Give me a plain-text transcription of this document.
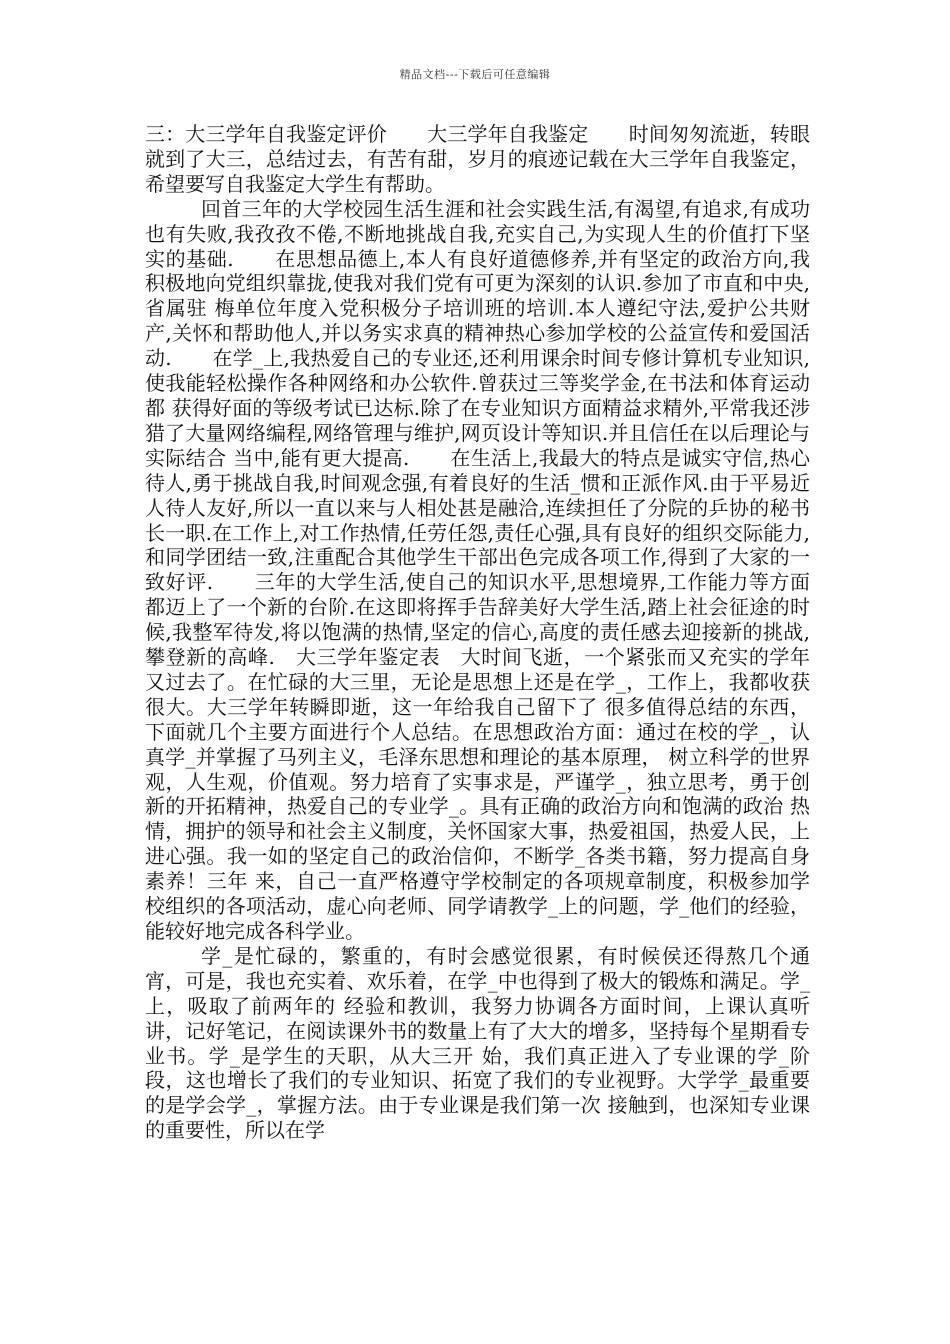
精品文档---下载后可任意编辑

三：大三学年自我鉴定评价　　大三学年自我鉴定　　时间匆匆流逝，转眼就到了大三，总结过去，有苦有甜，岁月的痕迹记载在大三学年自我鉴定，希望要写自我鉴定大学生有帮助。

回首三年的大学校园生活生涯和社会实践生活,有渴望,有追求,有成功也有失败,我孜孜不倦,不断地挑战自我,充实自己,为实现人生的价值打下坚实的基础.　　在思想品德上,本人有良好道德修养,并有坚定的政治方向,我积极地向党组织靠拢,使我对我们党有可更为深刻的认识.参加了市直和中央,省属驻 梅单位年度入党积极分子培训班的培训.本人遵纪守法,爱护公共财产,关怀和帮助他人,并以务实求真的精神热心参加学校的公益宣传和爱国活动.　　在学_上,我热爱自己的专业还,还利用课余时间专修计算机专业知识,使我能轻松操作各种网络和办公软件.曾获过三等奖学金,在书法和体育运动都 获得好面的等级考试已达标.除了在专业知识方面精益求精外,平常我还涉猎了大量网络编程,网络管理与维护,网页设计等知识.并且信任在以后理论与实际结合 当中,能有更大提高.　　在生活上,我最大的特点是诚实守信,热心待人,勇于挑战自我,时间观念强,有着良好的生活_惯和正派作风.由于平易近人待人友好,所以一直以来与人相处甚是融洽,连续担任了分院的乒协的秘书长一职.在工作上,对工作热情,任劳任怨,责任心强,具有良好的组织交际能力,和同学团结一致,注重配合其他学生干部出色完成各项工作,得到了大家的一致好评.　　三年的大学生活,使自己的知识水平,思想境界,工作能力等方面都迈上了一个新的台阶.在这即将挥手告辞美好大学生活,踏上社会征途的时候,我整军待发,将以饱满的热情,坚定的信心,高度的责任感去迎接新的挑战,攀登新的高峰.　大三学年鉴定表　大时间飞逝，一个紧张而又充实的学年又过去了。在忙碌的大三里，无论是思想上还是在学_，工作上，我都收获很大。大三学年转瞬即逝，这一年给我自己留下了 很多值得总结的东西，下面就几个主要方面进行个人总结。在思想政治方面：通过在校的学_，认真学_并掌握了马列主义，毛泽东思想和理论的基本原理， 树立科学的世界观，人生观，价值观。努力培育了实事求是，严谨学_，独立思考，勇于创新的开拓精神，热爱自己的专业学_。具有正确的政治方向和饱满的政治 热情，拥护的领导和社会主义制度，关怀国家大事，热爱祖国，热爱人民，上进心强。我一如的坚定自己的政治信仰，不断学_各类书籍，努力提高自身素养！三年 来，自己一直严格遵守学校制定的各项规章制度，积极参加学校组织的各项活动，虚心向老师、同学请教学_上的问题，学_他们的经验，能较好地完成各科学业。

学_是忙碌的，繁重的，有时会感觉很累，有时候侯还得熬几个通宵，可是，我也充实着、欢乐着，在学_中也得到了极大的锻炼和满足。学_上，吸取了前两年的 经验和教训，我努力协调各方面时间，上课认真听讲，记好笔记，在阅读课外书的数量上有了大大的增多，坚持每个星期看专业书。学_是学生的天职，从大三开 始，我们真正进入了专业课的学_阶段，这也增长了我们的专业知识、拓宽了我们的专业视野。大学学_最重要的是学会学_，掌握方法。由于专业课是我们第一次 接触到，也深知专业课的重要性，所以在学
